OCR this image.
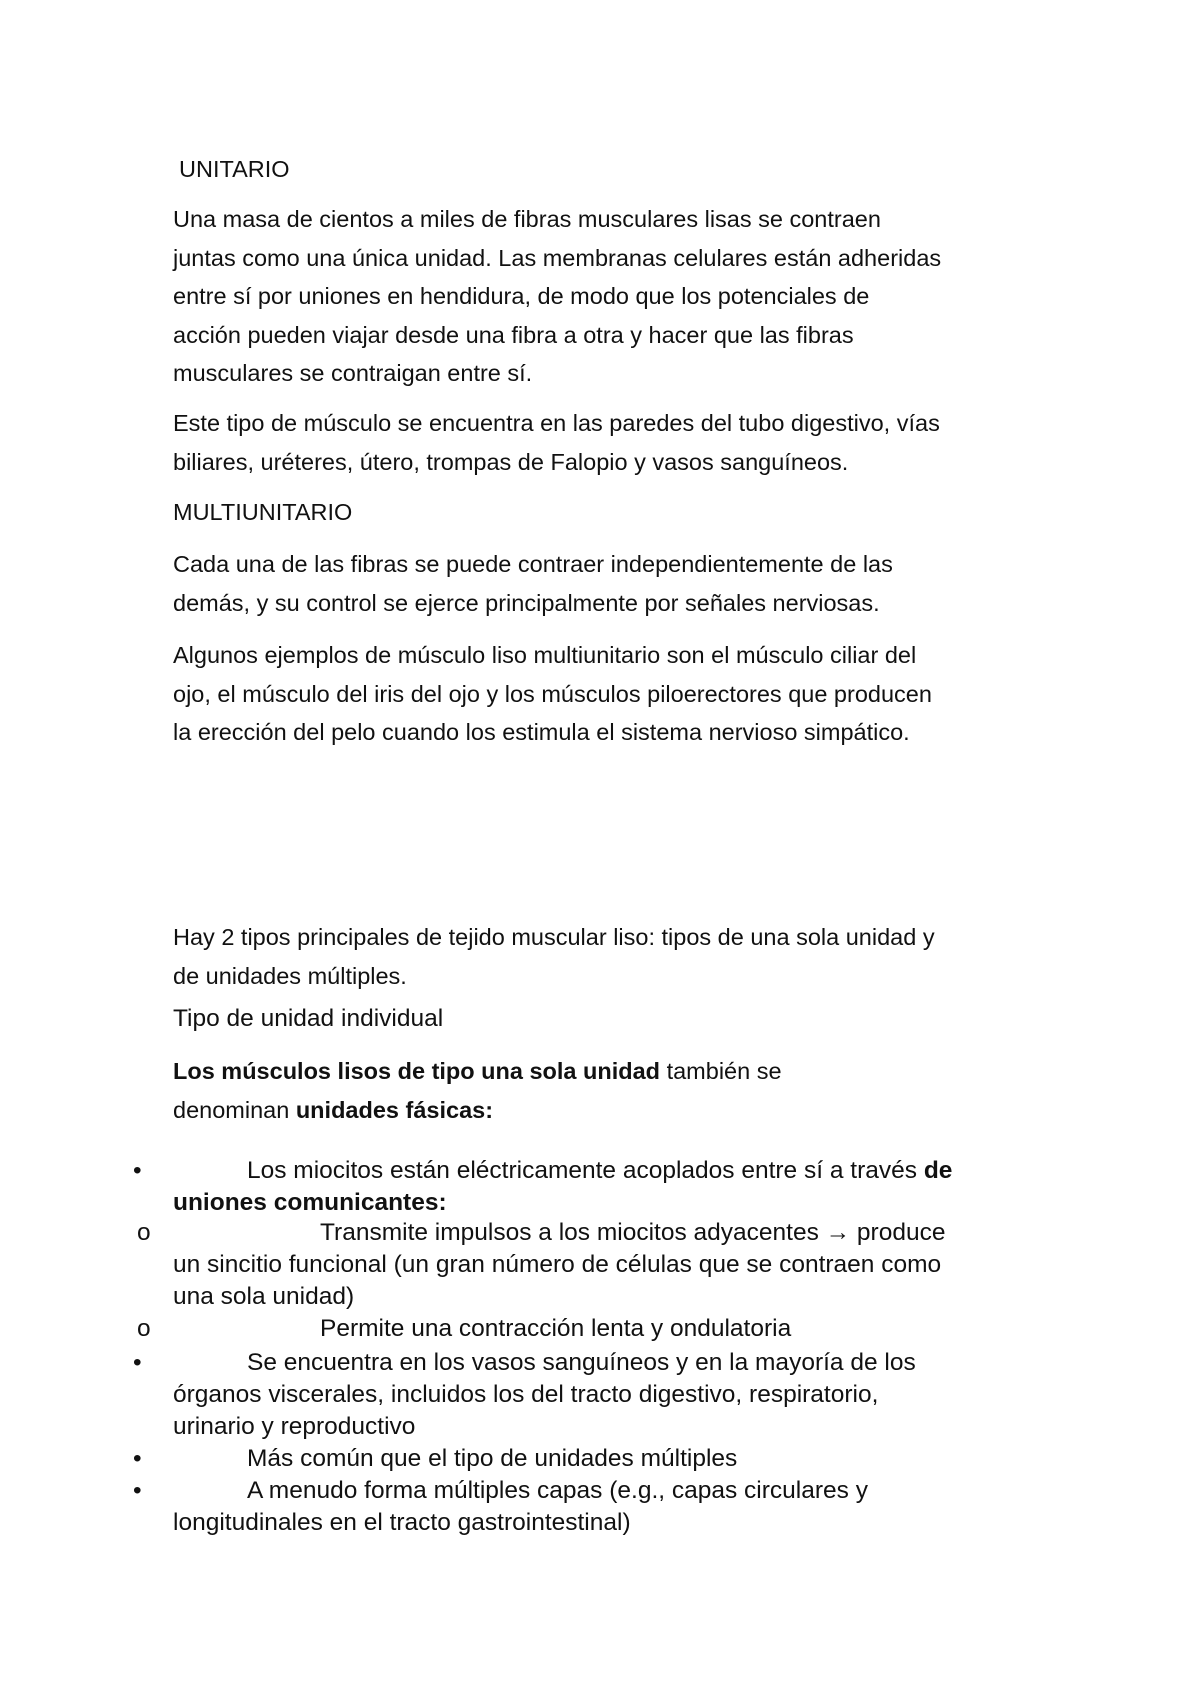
UNITARIO

Una masa de cientos a miles de fibras musculares lisas se contraen

juntas como una única unidad. Las membranas celulares están adheridas

entre sí por uniones en hendidura, de modo que los potenciales de

acción pueden viajar desde una fibra a otra y hacer que las fibras

musculares se contraigan entre sí.

Este tipo de músculo se encuentra en las paredes del tubo digestivo, vías

biliares, uréteres, útero, trompas de Falopio y vasos sanguíneos.

MULTIUNITARIO

Cada una de las fibras se puede contraer independientemente de las

demás, y su control se ejerce principalmente por señales nerviosas.

Algunos ejemplos de músculo liso multiunitario son el músculo ciliar del

ojo, el músculo del iris del ojo y los músculos piloerectores que producen

la erección del pelo cuando los estimula el sistema nervioso simpático.

Hay 2 tipos principales de tejido muscular liso: tipos de una sola unidad y

de unidades múltiples.

Tipo de unidad individual

Los músculos lisos de tipo una sola unidad también se

denominan unidades fásicas:

•	Los miocitos están eléctricamente acoplados entre sí a través de
uniones comunicantes:
o	Transmite impulsos a los miocitos adyacentes → produce
un sincitio funcional (un gran número de células que se contraen como
una sola unidad)
o	Permite una contracción lenta y ondulatoria
•	Se encuentra en los vasos sanguíneos y en la mayoría de los
órganos viscerales, incluidos los del tracto digestivo, respiratorio,
urinario y reproductivo
•	Más común que el tipo de unidades múltiples
•	A menudo forma múltiples capas (e.g., capas circulares y
longitudinales en el tracto gastrointestinal)
